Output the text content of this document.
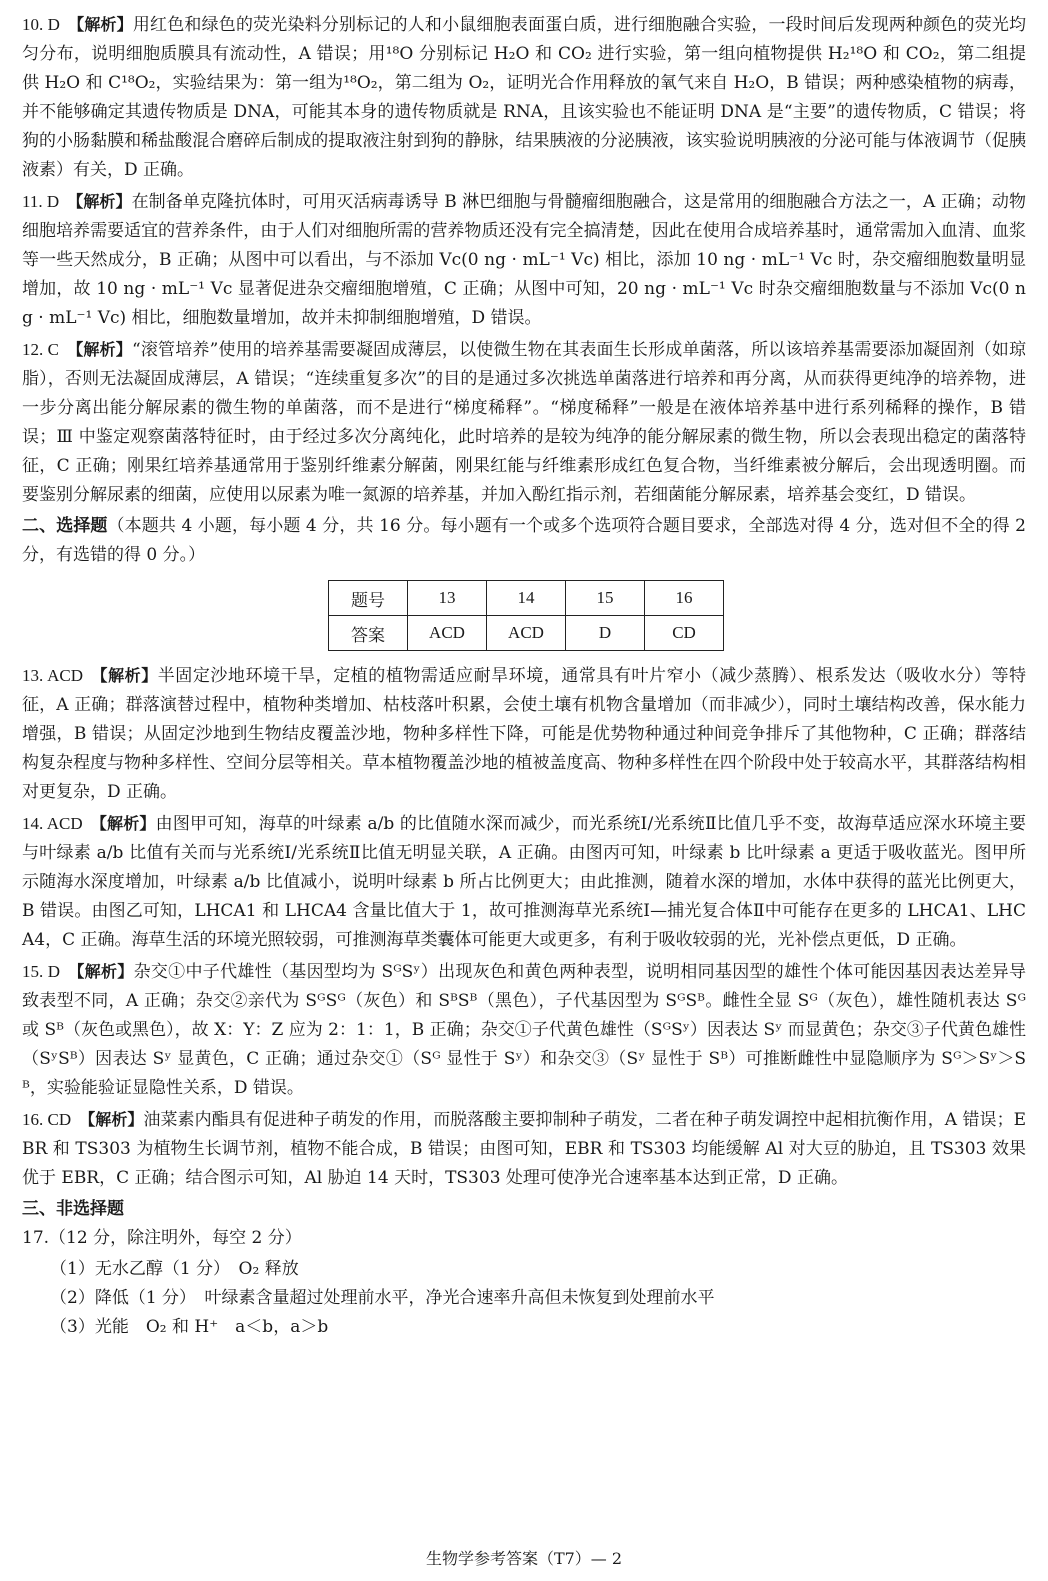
10. D 【解析】用红色和绿色的荧光染料分别标记的人和小鼠细胞表面蛋白质，进行细胞融合实验，一段时间后发现两种颜色的荧光均匀分布，说明细胞质膜具有流动性，A 错误；用¹⁸O 分别标记 H₂O 和 CO₂ 进行实验，第一组向植物提供 H₂¹⁸O 和 CO₂，第二组提供 H₂O 和 C¹⁸O₂，实验结果为：第一组为¹⁸O₂，第二组为 O₂，证明光合作用释放的氧气来自 H₂O，B 错误；两种感染植物的病毒，并不能够确定其遗传物质是 DNA，可能其本身的遗传物质就是 RNA，且该实验也不能证明 DNA 是“主要”的遗传物质，C 错误；将狗的小肠黏膜和稀盐酸混合磨碎后制成的提取液注射到狗的静脉，结果胰液的分泌胰液，该实验说明胰液的分泌可能与体液调节（促胰液素）有关，D 正确。

11. D 【解析】在制备单克隆抗体时，可用灭活病毒诱导 B 淋巴细胞与骨髓瘤细胞融合，这是常用的细胞融合方法之一，A 正确；动物细胞培养需要适宜的营养条件，由于人们对细胞所需的营养物质还没有完全搞清楚，因此在使用合成培养基时，通常需加入血清、血浆等一些天然成分，B 正确；从图中可以看出，与不添加 Vc(0 ng · mL⁻¹ Vc) 相比，添加 10 ng · mL⁻¹ Vc 时，杂交瘤细胞数量明显增加，故 10 ng · mL⁻¹ Vc 显著促进杂交瘤细胞增殖，C 正确；从图中可知，20 ng · mL⁻¹ Vc 时杂交瘤细胞数量与不添加 Vc(0 ng · mL⁻¹ Vc) 相比，细胞数量增加，故并未抑制细胞增殖，D 错误。

12. C 【解析】“滚管培养”使用的培养基需要凝固成薄层，以使微生物在其表面生长形成单菌落，所以该培养基需要添加凝固剂（如琼脂），否则无法凝固成薄层，A 错误；“连续重复多次”的目的是通过多次挑选单菌落进行培养和再分离，从而获得更纯净的培养物，进一步分离出能分解尿素的微生物的单菌落，而不是进行“梯度稀释”。“梯度稀释”一般是在液体培养基中进行系列稀释的操作，B 错误；Ⅲ 中鉴定观察菌落特征时，由于经过多次分离纯化，此时培养的是较为纯净的能分解尿素的微生物，所以会表现出稳定的菌落特征，C 正确；刚果红培养基通常用于鉴别纤维素分解菌，刚果红能与纤维素形成红色复合物，当纤维素被分解后，会出现透明圈。而要鉴别分解尿素的细菌，应使用以尿素为唯一氮源的培养基，并加入酚红指示剂，若细菌能分解尿素，培养基会变红，D 错误。

二、选择题（本题共 4 小题，每小题 4 分，共 16 分。每小题有一个或多个选项符合题目要求，全部选对得 4 分，选对但不全的得 2 分，有选错的得 0 分。）

题号	13	14	15	16
答案	ACD	ACD	D	CD

13. ACD 【解析】半固定沙地环境干旱，定植的植物需适应耐旱环境，通常具有叶片窄小（减少蒸腾）、根系发达（吸收水分）等特征，A 正确；群落演替过程中，植物种类增加、枯枝落叶积累，会使土壤有机物含量增加（而非减少），同时土壤结构改善，保水能力增强，B 错误；从固定沙地到生物结皮覆盖沙地，物种多样性下降，可能是优势物种通过种间竞争排斥了其他物种，C 正确；群落结构复杂程度与物种多样性、空间分层等相关。草本植物覆盖沙地的植被盖度高、物种多样性在四个阶段中处于较高水平，其群落结构相对更复杂，D 正确。

14. ACD 【解析】由图甲可知，海草的叶绿素 a/b 的比值随水深而减少，而光系统Ⅰ/光系统Ⅱ比值几乎不变，故海草适应深水环境主要与叶绿素 a/b 比值有关而与光系统Ⅰ/光系统Ⅱ比值无明显关联，A 正确。由图丙可知，叶绿素 b 比叶绿素 a 更适于吸收蓝光。图甲所示随海水深度增加，叶绿素 a/b 比值减小，说明叶绿素 b 所占比例更大；由此推测，随着水深的增加，水体中获得的蓝光比例更大，B 错误。由图乙可知，LHCA1 和 LHCA4 含量比值大于 1，故可推测海草光系统Ⅰ—捕光复合体Ⅱ中可能存在更多的 LHCA1、LHCA4，C 正确。海草生活的环境光照较弱，可推测海草类囊体可能更大或更多，有利于吸收较弱的光，光补偿点更低，D 正确。

15. D 【解析】杂交①中子代雄性（基因型均为 SᴳSʸ）出现灰色和黄色两种表型，说明相同基因型的雄性个体可能因基因表达差异导致表型不同，A 正确；杂交②亲代为 SᴳSᴳ（灰色）和 SᴮSᴮ（黑色），子代基因型为 SᴳSᴮ。雌性全显 Sᴳ（灰色），雄性随机表达 Sᴳ 或 Sᴮ（灰色或黑色），故 X：Y：Z 应为 2：1：1，B 正确；杂交①子代黄色雄性（SᴳSʸ）因表达 Sʸ 而显黄色；杂交③子代黄色雄性（SʸSᴮ）因表达 Sʸ 显黄色，C 正确；通过杂交①（Sᴳ 显性于 Sʸ）和杂交③（Sʸ 显性于 Sᴮ）可推断雌性中显隐顺序为 Sᴳ＞Sʸ＞Sᴮ，实验能验证显隐性关系，D 错误。

16. CD 【解析】油菜素内酯具有促进种子萌发的作用，而脱落酸主要抑制种子萌发，二者在种子萌发调控中起相抗衡作用，A 错误；EBR 和 TS303 为植物生长调节剂，植物不能合成，B 错误；由图可知，EBR 和 TS303 均能缓解 Al 对大豆的胁迫，且 TS303 效果优于 EBR，C 正确；结合图示可知，Al 胁迫 14 天时，TS303 处理可使净光合速率基本达到正常，D 正确。

三、非选择题
17.（12 分，除注明外，每空 2 分）
（1）无水乙醇（1 分）　O₂ 释放
（2）降低（1 分）　叶绿素含量超过处理前水平，净光合速率升高但未恢复到处理前水平
（3）光能　O₂ 和 H⁺　a＜b，a＞b
生物学参考答案（T7）— 2
